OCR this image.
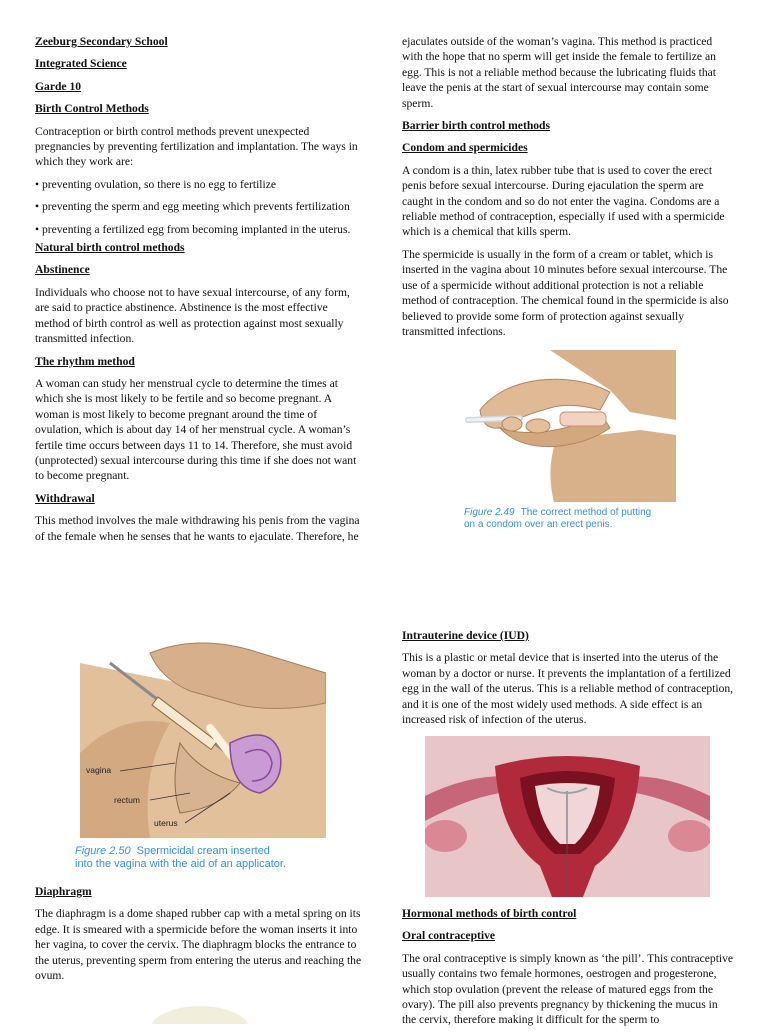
Zeeburg Secondary School
Integrated Science
Garde 10
Birth Control Methods

Contraception or birth control methods prevent unexpected pregnancies by preventing fertilization and implantation. The ways in which they work are:

• preventing ovulation, so there is no egg to fertilize
• preventing the sperm and egg meeting which prevents fertilization
• preventing a fertilized egg from becoming implanted in the uterus.
Natural birth control methods
Abstinence

Individuals who choose not to have sexual intercourse, of any form, are said to practice abstinence. Abstinence is the most effective method of birth control as well as protection against most sexually transmitted infection.

The rhythm method

A woman can study her menstrual cycle to determine the times at which she is most likely to be fertile and so become pregnant. A woman is most likely to become pregnant around the time of ovulation, which is about day 14 of her menstrual cycle. A woman’s fertile time occurs between days 11 to 14. Therefore, she must avoid (unprotected) sexual intercourse during this time if she does not want to become pregnant.

Withdrawal

This method involves the male withdrawing his penis from the vagina of the female when he senses that he wants to ejaculate. Therefore, he

ejaculates outside of the woman’s vagina. This method is practiced with the hope that no sperm will get inside the female to fertilize an egg. This is not a reliable method because the lubricating fluids that leave the penis at the start of sexual intercourse may contain some sperm.

Barrier birth control methods
Condom and spermicides

A condom is a thin, latex rubber tube that is used to cover the erect penis before sexual intercourse. During ejaculation the sperm are caught in the condom and so do not enter the vagina. Condoms are a reliable method of contraception, especially if used with a spermicide which is a chemical that kills sperm.

The spermicide is usually in the form of a cream or tablet, which is inserted in the vagina about 10 minutes before sexual intercourse. The use of a spermicide without additional protection is not a reliable method of contraception. The chemical found in the spermicide is also believed to provide some form of protection against sexually transmitted infections.

Figure 2.49 The correct method of putting
on a condom over an erect penis.
vagina
rectum
uterus
Figure 2.50 Spermicidal cream inserted
into the vagina with the aid of an applicator.
Diaphragm

The diaphragm is a dome shaped rubber cap with a metal spring on its edge. It is smeared with a spermicide before the woman inserts it into her vagina, to cover the cervix. The diaphragm blocks the entrance to the uterus, preventing sperm from entering the uterus and reaching the ovum.

Intrauterine device (IUD)

This is a plastic or metal device that is inserted into the uterus of the woman by a doctor or nurse. It prevents the implantation of a fertilized egg in the wall of the uterus. This is a reliable method of contraception, and it is one of the most widely used methods. A side effect is an increased risk of infection of the uterus.

Hormonal methods of birth control
Oral contraceptive

The oral contraceptive is simply known as ‘the pill’. This contraceptive usually contains two female hormones, oestrogen and progesterone, which stop ovulation (prevent the release of matured eggs from the ovary). The pill also prevents pregnancy by thickening the mucus in the cervix, therefore making it difficult for the sperm to
